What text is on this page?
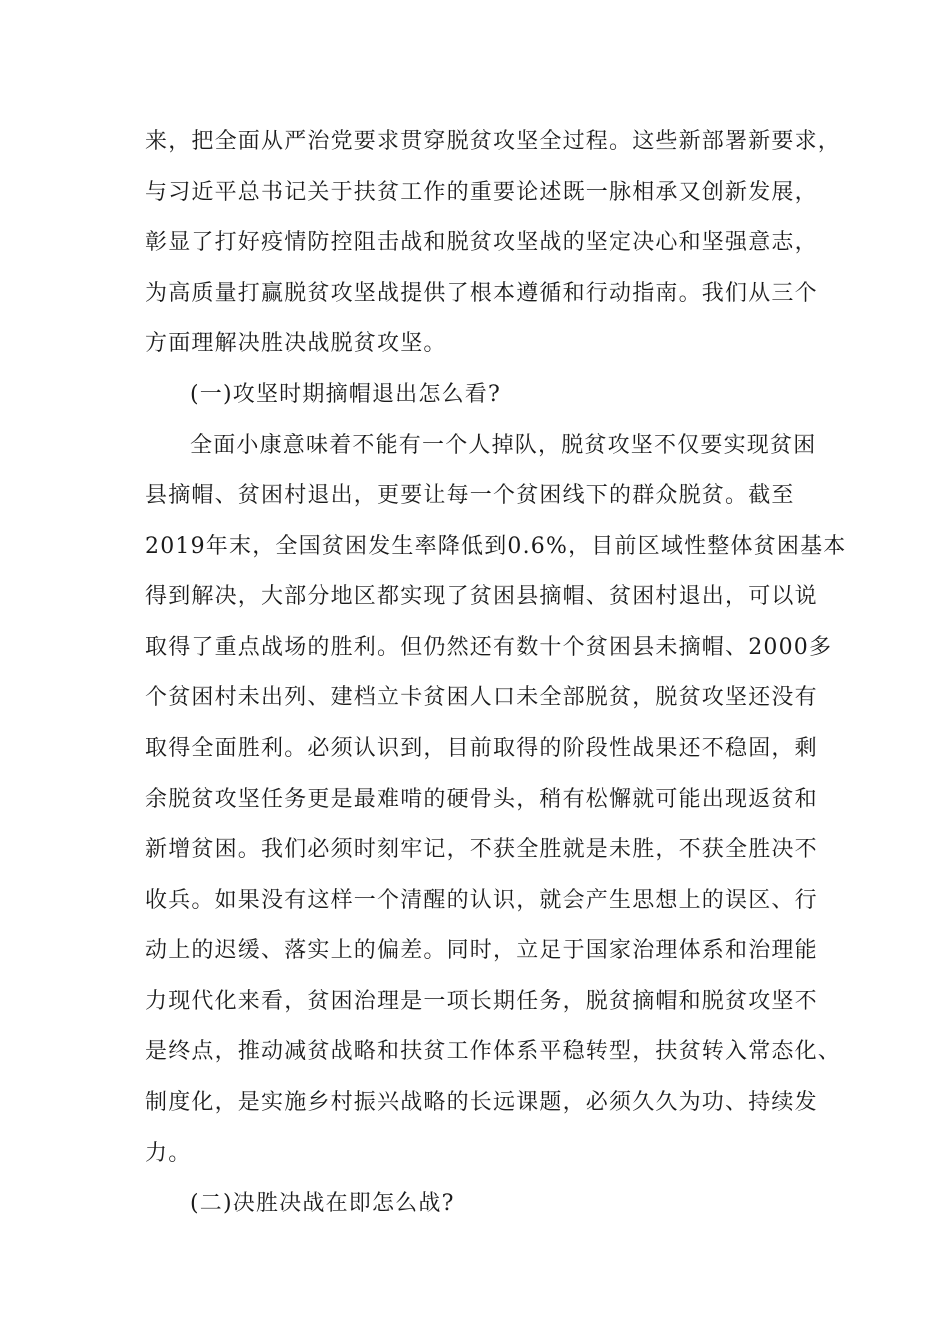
来，把全面从严治党要求贯穿脱贫攻坚全过程。这些新部署新要求，
与习近平总书记关于扶贫工作的重要论述既一脉相承又创新发展，
彰显了打好疫情防控阻击战和脱贫攻坚战的坚定决心和坚强意志，
为高质量打赢脱贫攻坚战提供了根本遵循和行动指南。我们从三个
方面理解决胜决战脱贫攻坚。
(一)攻坚时期摘帽退出怎么看?
全面小康意味着不能有一个人掉队，脱贫攻坚不仅要实现贫困
县摘帽、贫困村退出，更要让每一个贫困线下的群众脱贫。截至
2019年末，全国贫困发生率降低到0.6%，目前区域性整体贫困基本
得到解决，大部分地区都实现了贫困县摘帽、贫困村退出，可以说
取得了重点战场的胜利。但仍然还有数十个贫困县未摘帽、2000多
个贫困村未出列、建档立卡贫困人口未全部脱贫，脱贫攻坚还没有
取得全面胜利。必须认识到，目前取得的阶段性战果还不稳固，剩
余脱贫攻坚任务更是最难啃的硬骨头，稍有松懈就可能出现返贫和
新增贫困。我们必须时刻牢记，不获全胜就是未胜，不获全胜决不
收兵。如果没有这样一个清醒的认识，就会产生思想上的误区、行
动上的迟缓、落实上的偏差。同时，立足于国家治理体系和治理能
力现代化来看，贫困治理是一项长期任务，脱贫摘帽和脱贫攻坚不
是终点，推动减贫战略和扶贫工作体系平稳转型，扶贫转入常态化、
制度化，是实施乡村振兴战略的长远课题，必须久久为功、持续发
力。
(二)决胜决战在即怎么战?
